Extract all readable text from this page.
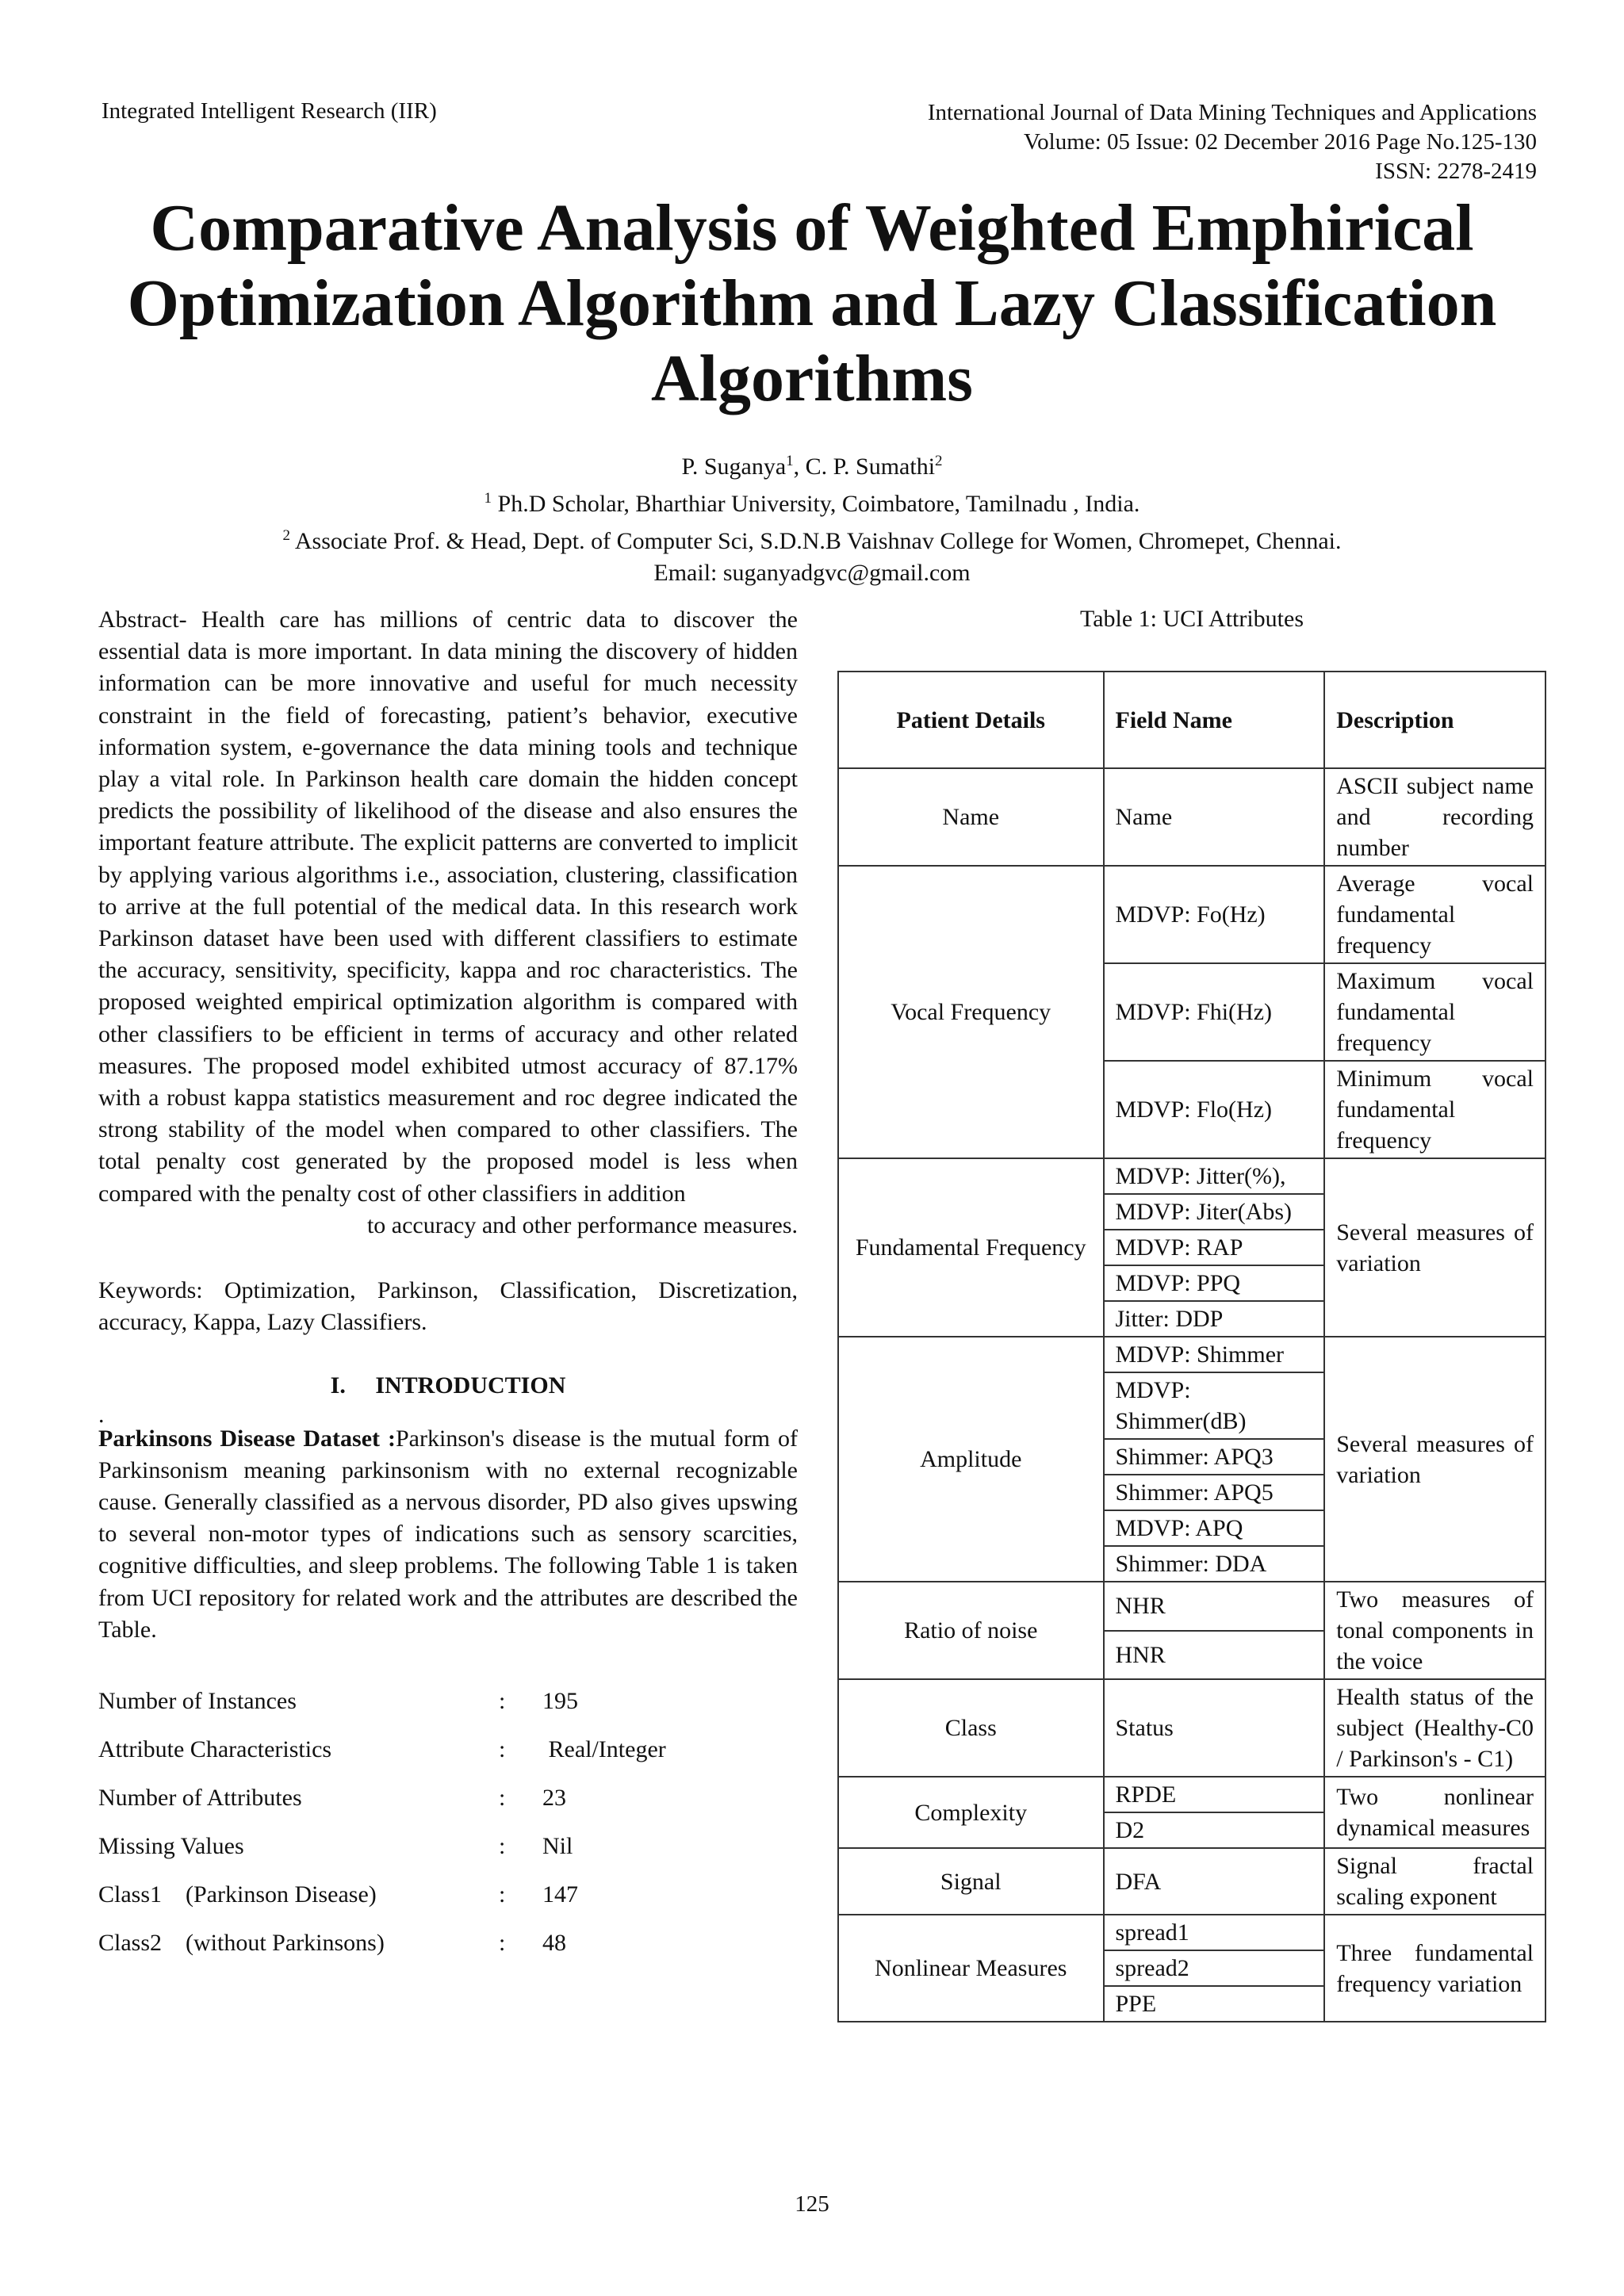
Integrated Intelligent Research (IIR)	International Journal of Data Mining Techniques and Applications
Volume: 05 Issue: 02 December 2016 Page No.125-130
ISSN: 2278-2419
Comparative Analysis of Weighted Emphirical Optimization Algorithm and Lazy Classification Algorithms
P. Suganya$^1$, C. P. Sumathi$^2$
$^1$ Ph.D Scholar, Bharthiar University, Coimbatore, Tamilnadu , India.
$^2$ Associate Prof. & Head, Dept. of Computer Sci, S.D.N.B Vaishnav College for Women, Chromepet, Chennai.
Email: suganyadgvc@gmail.com
Abstract- Health care has millions of centric data to discover the essential data is more important. In data mining the discovery of hidden information can be more innovative and useful for much necessity constraint in the field of forecasting, patient’s behavior, executive information system, e-governance the data mining tools and technique play a vital role. In Parkinson health care domain the hidden concept predicts the possibility of likelihood of the disease and also ensures the important feature attribute. The explicit patterns are converted to implicit by applying various algorithms i.e., association, clustering, classification to arrive at the full potential of the medical data. In this research work Parkinson dataset have been used with different classifiers to estimate the accuracy, sensitivity, specificity, kappa and roc characteristics. The proposed weighted empirical optimization algorithm is compared with other classifiers to be efficient in terms of accuracy and other related measures. The proposed model exhibited utmost accuracy of 87.17% with a robust kappa statistics measurement and roc degree indicated the strong stability of the model when compared to other classifiers. The total penalty cost generated by the proposed model is less when compared with the penalty cost of other classifiers in addition
to accuracy and other performance measures.
Keywords: Optimization, Parkinson, Classification, Discretization, accuracy, Kappa, Lazy Classifiers.
I. INTRODUCTION
.
Parkinsons Disease Dataset :Parkinson's disease is the mutual form of Parkinsonism meaning parkinsonism with no external recognizable cause. Generally classified as a nervous disorder, PD also gives upswing to several non-motor types of indications such as sensory scarcities, cognitive difficulties, and sleep problems. The following Table 1 is taken from UCI repository for related work and the attributes are described the Table.
Number of Instances	:	195
Attribute Characteristics	:	Real/Integer
Number of Attributes	:	23
Missing Values	:	Nil
Class1    (Parkinson Disease)	:	147
Class2    (without Parkinsons)	:	48
Table 1: UCI Attributes
Patient Details	Field Name	Description
Name	Name	ASCII subject name and recording number
Vocal Frequency	MDVP: Fo(Hz)	Average vocal fundamental frequency
	MDVP: Fhi(Hz)	Maximum vocal fundamental frequency
	MDVP: Flo(Hz)	Minimum vocal fundamental frequency
Fundamental Frequency	MDVP: Jitter(%),	Several measures of variation
	MDVP: Jiter(Abs)	
	MDVP: RAP	
	MDVP: PPQ	
	Jitter: DDP	
Amplitude	MDVP: Shimmer	Several measures of variation
	MDVP: Shimmer(dB)	
	Shimmer: APQ3	
	Shimmer: APQ5	
	MDVP: APQ	
	Shimmer: DDA	
Ratio of noise	NHR	Two measures of tonal components in the voice
	HNR	
Class	Status	Health status of the subject (Healthy-C0 / Parkinson's - C1)
Complexity	RPDE	Two nonlinear dynamical measures
	D2	
Signal	DFA	Signal fractal scaling exponent
Nonlinear Measures	spread1	Three fundamental frequency variation
	spread2	
	PPE	
125
